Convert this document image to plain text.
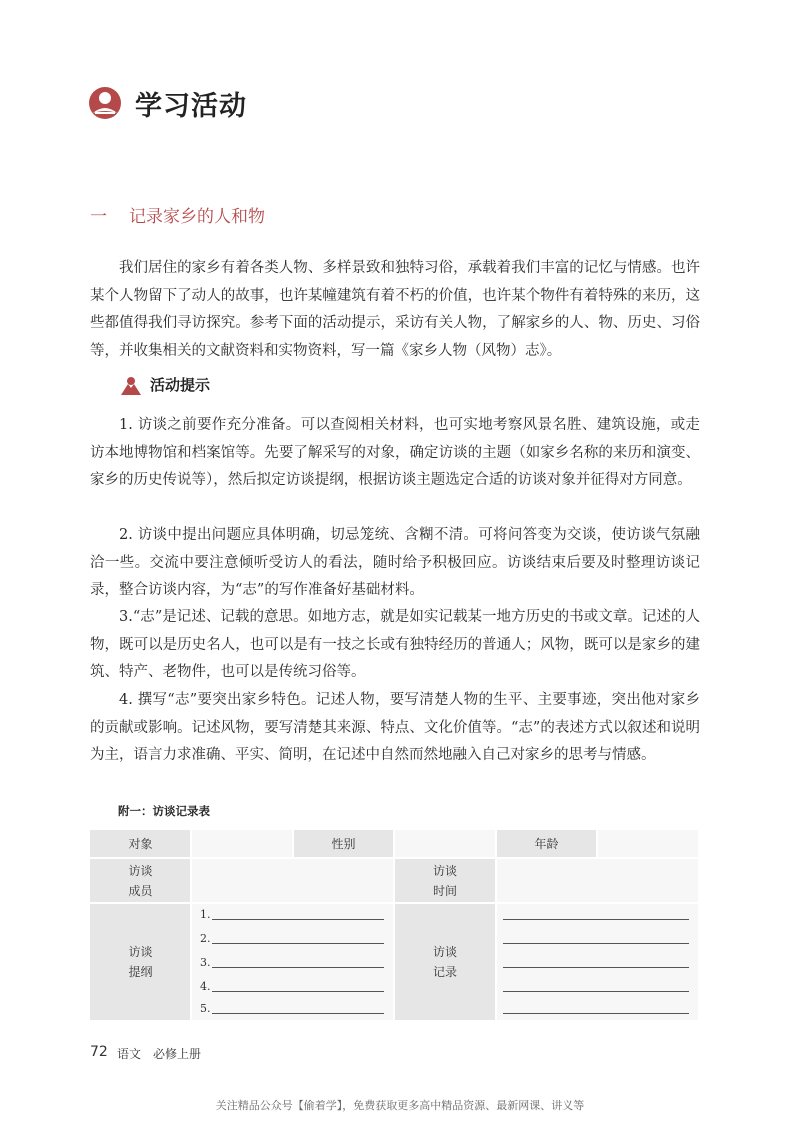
学习活动
一 记录家乡的人和物

我们居住的家乡有着各类人物、多样景致和独特习俗，承载着我们丰富的记忆与情感。也许某个人物留下了动人的故事，也许某幢建筑有着不朽的价值，也许某个物件有着特殊的来历，这些都值得我们寻访探究。参考下面的活动提示，采访有关人物，了解家乡的人、物、历史、习俗等，并收集相关的文献资料和实物资料，写一篇《家乡人物（风物）志》。

活动提示

1. 访谈之前要作充分准备。可以查阅相关材料，也可实地考察风景名胜、建筑设施，或走访本地博物馆和档案馆等。先要了解采写的对象，确定访谈的主题（如家乡名称的来历和演变、家乡的历史传说等），然后拟定访谈提纲，根据访谈主题选定合适的访谈对象并征得对方同意。

2. 访谈中提出问题应具体明确，切忌笼统、含糊不清。可将问答变为交谈，使访谈气氛融洽一些。交流中要注意倾听受访人的看法，随时给予积极回应。访谈结束后要及时整理访谈记录，整合访谈内容，为“志”的写作准备好基础材料。

3.“志”是记述、记载的意思。如地方志，就是如实记载某一地方历史的书或文章。记述的人物，既可以是历史名人，也可以是有一技之长或有独特经历的普通人；风物，既可以是家乡的建筑、特产、老物件，也可以是传统习俗等。

4. 撰写“志”要突出家乡特色。记述人物，要写清楚人物的生平、主要事迹，突出他对家乡的贡献或影响。记述风物，要写清楚其来源、特点、文化价值等。“志”的表述方式以叙述和说明为主，语言力求准确、平实、简明，在记述中自然而然地融入自己对家乡的思考与情感。

附一：访谈记录表
对象	性别	年龄
访谈
成员
访谈
时间
访谈
提纲
访谈
记录
1.
2.
3.
4.
5.
72 语文　必修上册
关注精品公众号【偷着学】，免费获取更多高中精品资源、最新网课、讲义等
